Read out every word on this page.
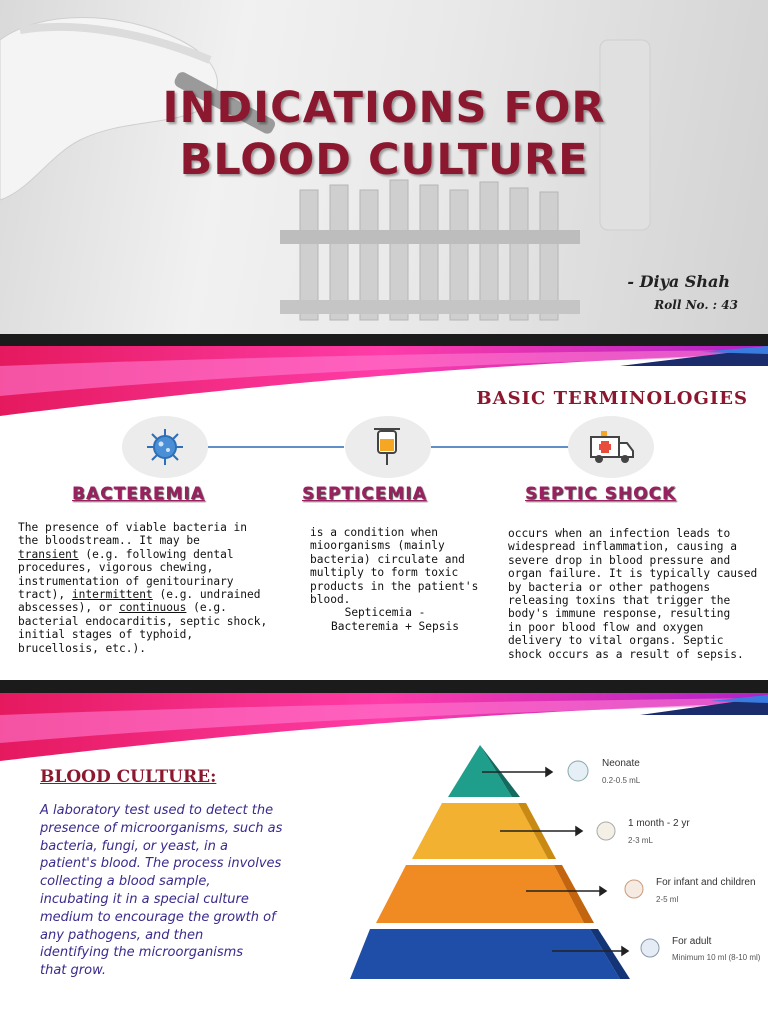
INDICATIONS FOR
BLOOD CULTURE
- Diya Shah
Roll No. : 43
BASIC TERMINOLOGIES
BACTEREMIA	SEPTICEMIA	SEPTIC SHOCK
The presence of viable bacteria in
the bloodstream.. It may be
transient (e.g. following dental
procedures, vigorous chewing,
instrumentation of genitourinary
tract), intermittent (e.g. undrained
abscesses), or continuous (e.g.
bacterial endocarditis, septic shock,
initial stages of typhoid,
brucellosis, etc.).
is a condition when
mioorganisms (mainly
bacteria) circulate and
multiply to form toxic
products in the patient's
blood.
Septicemia -
Bacteremia + Sepsis
occurs when an infection leads to
widespread inflammation, causing a
severe drop in blood pressure and
organ failure. It is typically caused
by bacteria or other pathogens
releasing toxins that trigger the
body's immune response, resulting
in poor blood flow and oxygen
delivery to vital organs. Septic
shock occurs as a result of sepsis.
BLOOD CULTURE:
A laboratory test used to detect the
presence of microorganisms, such as
bacteria, fungi, or yeast, in a
patient's blood. The process involves
collecting a blood sample,
incubating it in a special culture
medium to encourage the growth of
any pathogens, and then
identifying the microorganisms
that grow.
Neonate
0.2-0.5 mL
1 month - 2 yr
2-3 mL
For infant and children
2-5 ml
For adult
Minimum 10 ml (8-10 ml)
